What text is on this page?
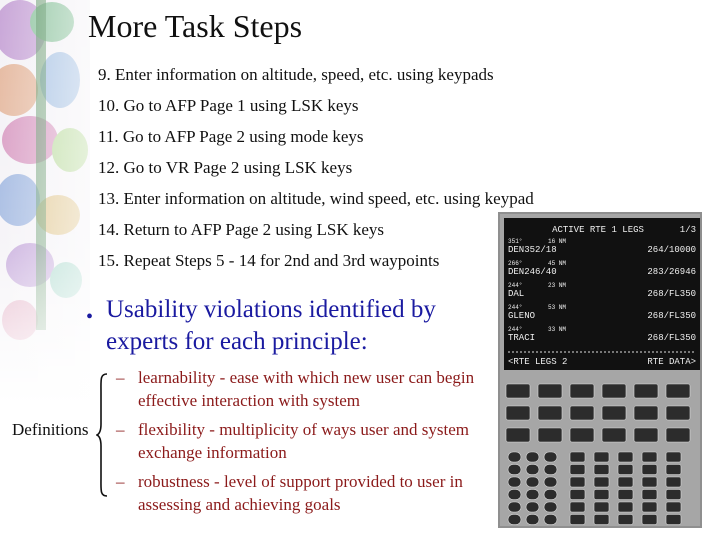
More Task Steps
9. Enter information on altitude, speed, etc. using keypads
10. Go to AFP Page 1 using LSK keys
11. Go to AFP Page 2 using mode keys
12. Go to VR Page 2 using LSK keys
13. Enter information on altitude, wind speed, etc. using keypad
14. Return to AFP Page 2 using LSK keys
15. Repeat Steps 5 - 14 for 2nd and 3rd waypoints
ACTIVE RTE 1 LEGS	1/3
351°	16 NM
DEN352/18	264/10000
266°	45 NM
DEN246/40	283/26946
244°	23 NM
DAL	268/FL350
244°	53 NM
GLENO	268/FL350
244°	33 NM
TRACI	268/FL350
<RTE LEGS 2	RTE DATA>
• Usability violations identified by experts for each principle:
Definitions
– learnability - ease with which new user can begin effective interaction with system
– flexibility - multiplicity of ways user and system exchange information
– robustness - level of support provided to user in assessing and achieving goals
